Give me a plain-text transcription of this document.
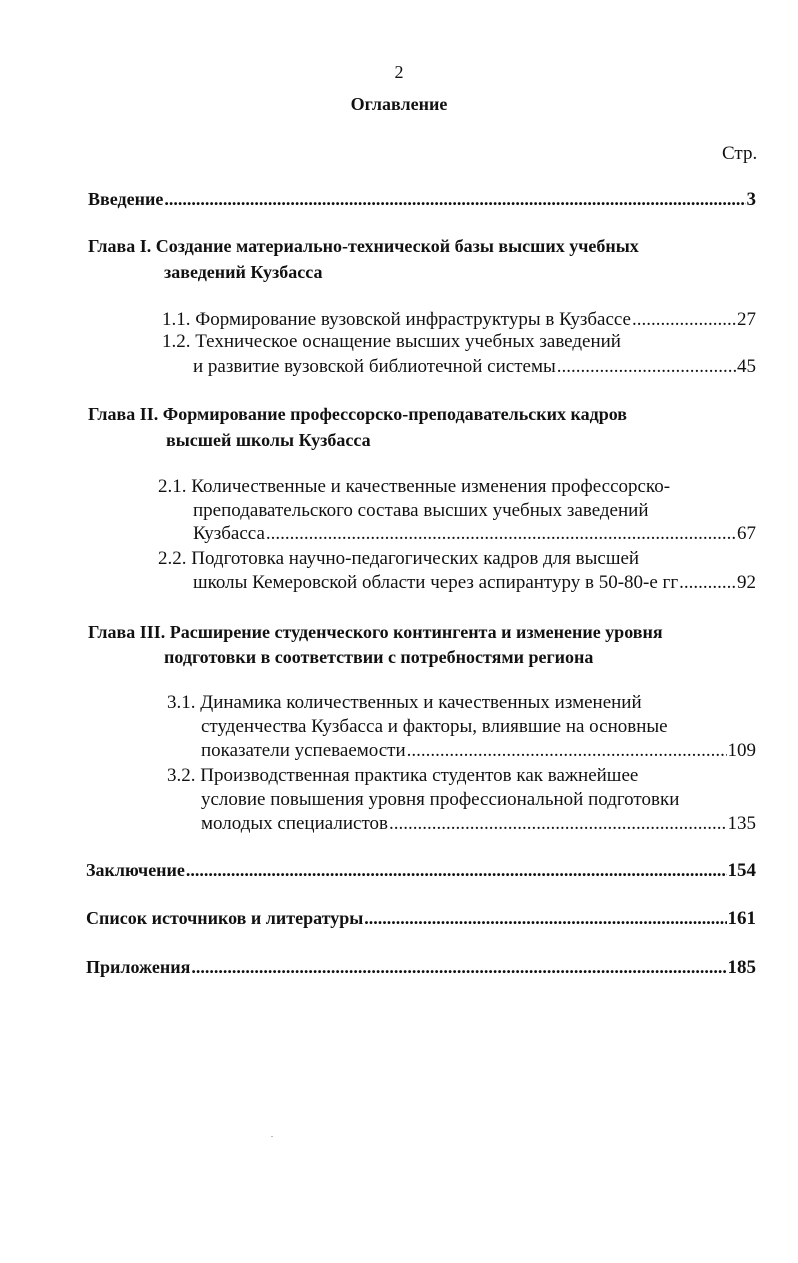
2
Оглавление
Стр.
Введение .....	3
Глава I. Создание материально-технической базы высших учебных
заведений Кузбасса
1.1. Формирование вузовской инфраструктуры в Кузбассе .....	27
1.2. Техническое оснащение высших учебных заведений
и развитие вузовской библиотечной системы .....	45
Глава II. Формирование профессорско-преподавательских кадров
высшей школы Кузбасса
2.1. Количественные и качественные изменения профессорско-
преподавательского состава высших учебных заведений
Кузбасса .....	67
2.2. Подготовка научно-педагогических кадров для высшей
школы Кемеровской области через аспирантуру в 50-80-е гг .....	92
Глава III. Расширение студенческого контингента и изменение уровня
подготовки в соответствии с потребностями региона
3.1. Динамика количественных и качественных изменений
студенчества Кузбасса и факторы, влиявшие на основные
показатели успеваемости .....	109
3.2. Производственная практика студентов как важнейшее
условие повышения уровня профессиональной подготовки
молодых специалистов .....	135
Заключение .....	154
Список источников и литературы .....	161
Приложения .....	185
